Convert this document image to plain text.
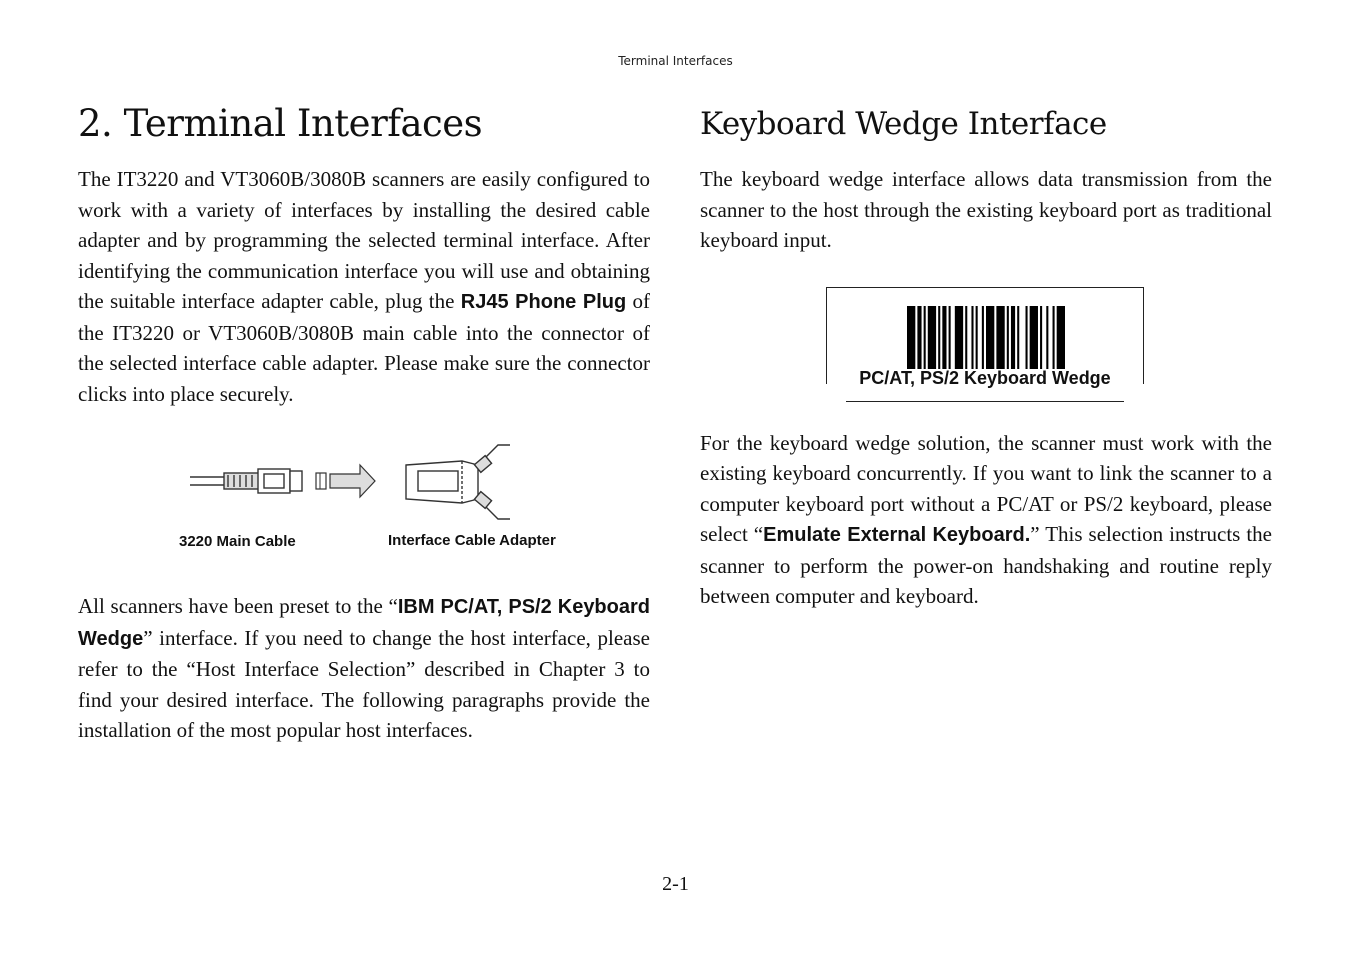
Terminal Interfaces
2. Terminal Interfaces

The IT3220 and VT3060B/3080B scanners are easily configured to work with a variety of interfaces by installing the desired cable adapter and by programming the selected terminal interface. After identifying the communication interface you will use and obtaining the suitable interface adapter cable, plug the RJ45 Phone Plug of the IT3220 or VT3060B/3080B main cable into the connector of the selected interface cable adapter. Please make sure the connector clicks into place securely.

3220 Main Cable	Interface Cable Adapter

All scanners have been preset to the “IBM PC/AT, PS/2 Keyboard Wedge” interface. If you need to change the host interface, please refer to the “Host Interface Selection” described in Chapter 3 to find your desired interface. The following paragraphs provide the installation of the most popular host interfaces.

Keyboard Wedge Interface

The keyboard wedge interface allows data transmission from the scanner to the host through the existing keyboard port as traditional keyboard input.

PC/AT, PS/2 Keyboard Wedge

For the keyboard wedge solution, the scanner must work with the existing keyboard concurrently. If you want to link the scanner to a computer keyboard port without a PC/AT or PS/2 keyboard, please select “Emulate External Keyboard.” This selection instructs the scanner to perform the power-on handshaking and routine reply between computer and keyboard.

2-1
